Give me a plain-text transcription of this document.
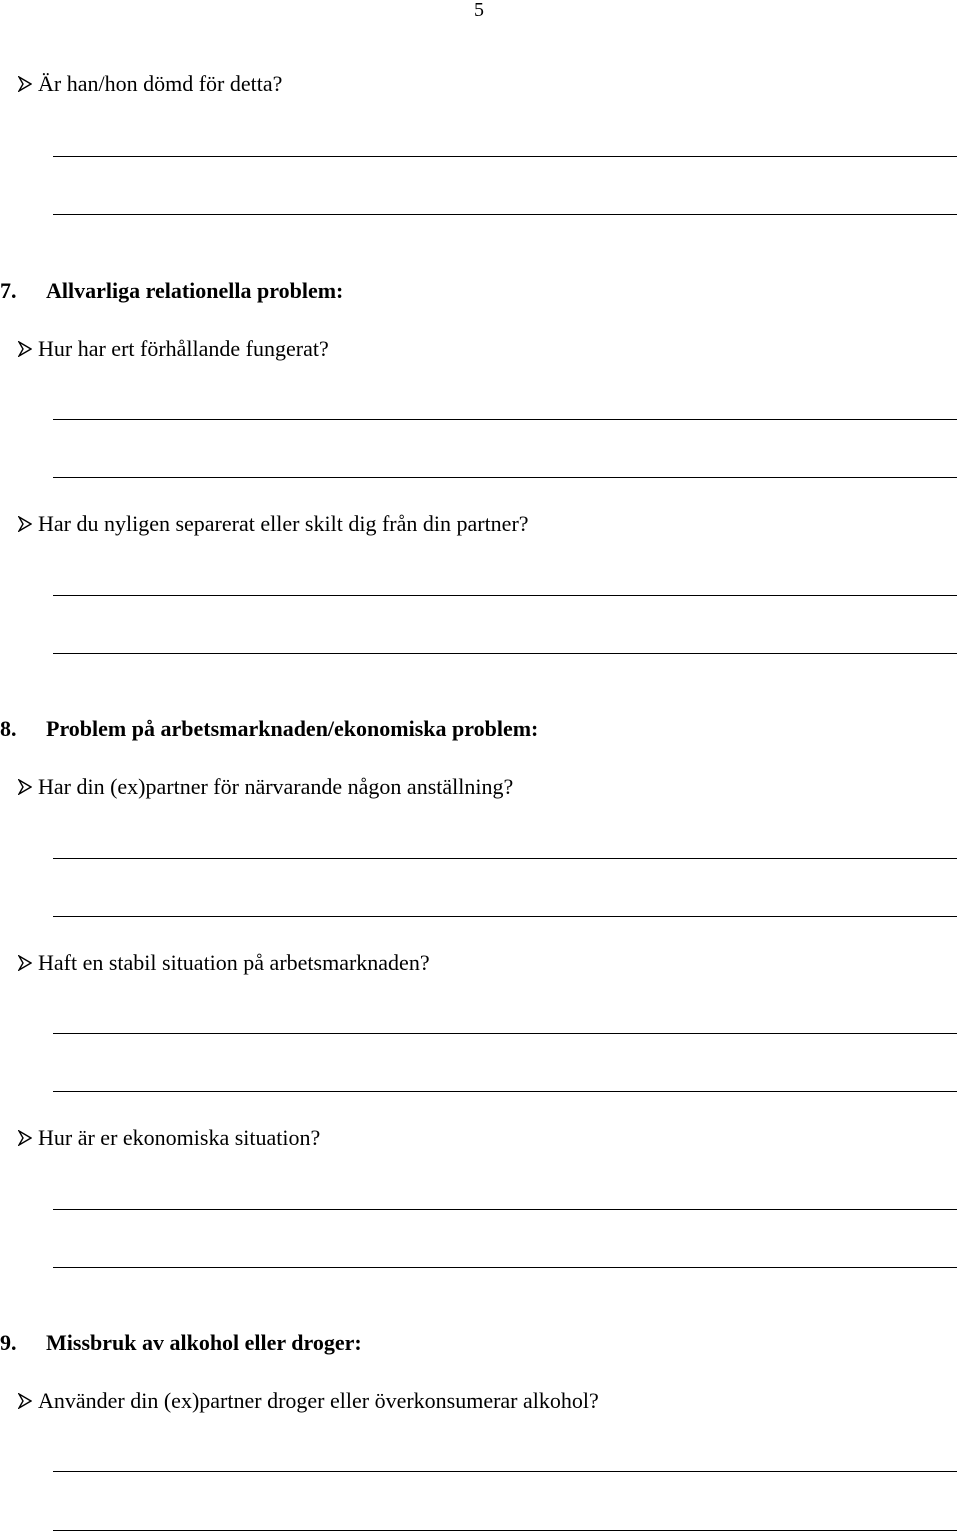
5
Är han/hon dömd för detta?
7. Allvarliga relationella problem:
Hur har ert förhållande fungerat?
Har du nyligen separerat eller skilt dig från din partner?
8. Problem på arbetsmarknaden/ekonomiska problem:
Har din (ex)partner för närvarande någon anställning?
Haft en stabil situation på arbetsmarknaden?
Hur är er ekonomiska situation?
9. Missbruk av alkohol eller droger:
Använder din (ex)partner droger eller överkonsumerar alkohol?
